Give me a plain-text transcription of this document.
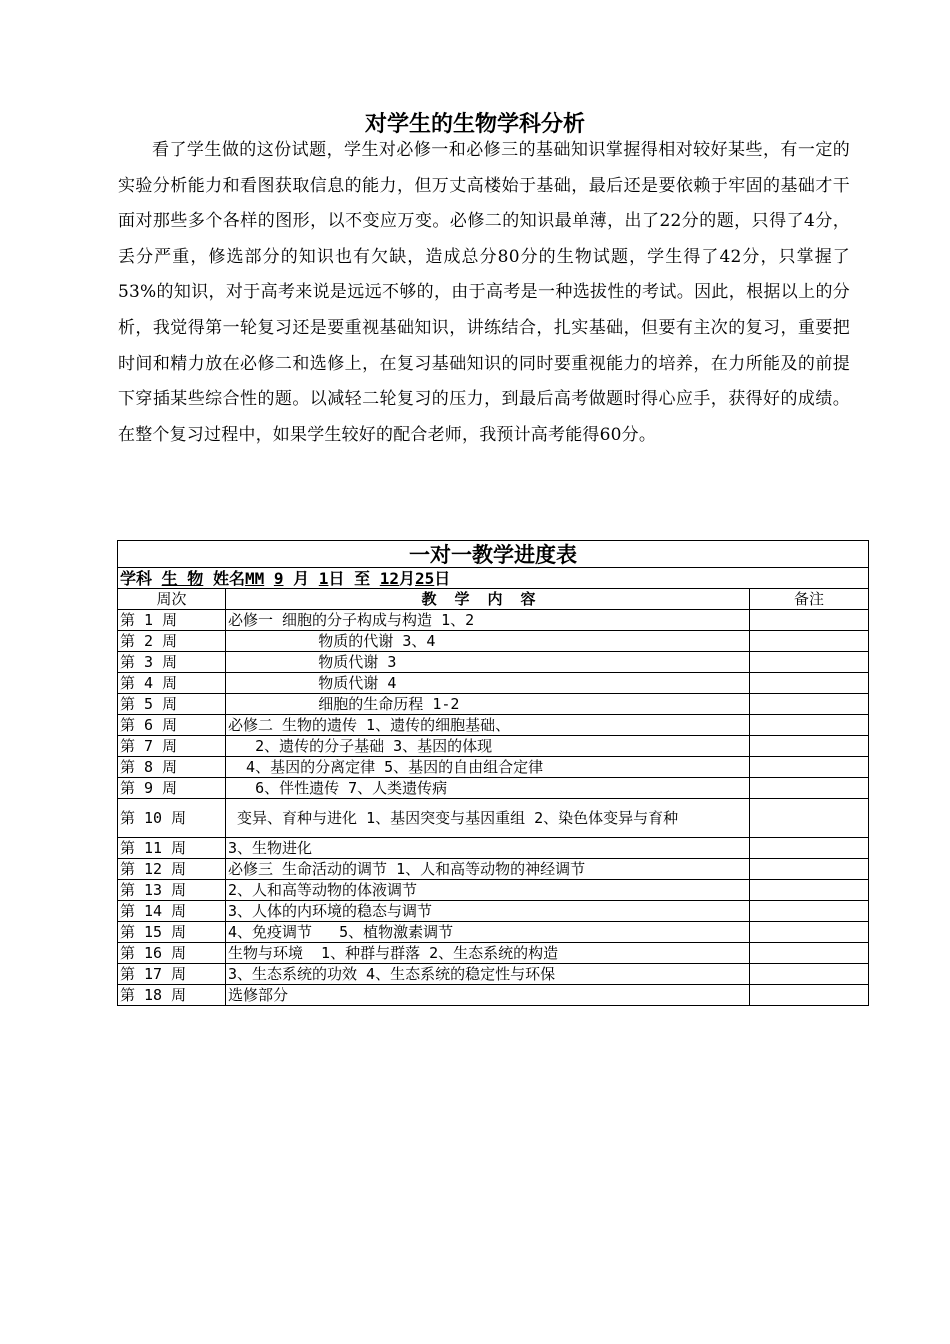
对学生的生物学科分析

看了学生做的这份试题，学生对必修一和必修三的基础知识掌握得相对较好某些，有一定的实验分析能力和看图获取信息的能力，但万丈高楼始于基础，最后还是要依赖于牢固的基础才干面对那些多个各样的图形，以不变应万变。必修二的知识最单薄，出了22分的题，只得了4分，丢分严重，修选部分的知识也有欠缺，造成总分80分的生物试题，学生得了42分，只掌握了53%的知识，对于高考来说是远远不够的，由于高考是一种选拔性的考试。因此，根据以上的分析，我觉得第一轮复习还是要重视基础知识，讲练结合，扎实基础，但要有主次的复习，重要把时间和精力放在必修二和选修上，在复习基础知识的同时要重视能力的培养，在力所能及的前提下穿插某些综合性的题。以减轻二轮复习的压力，到最后高考做题时得心应手，获得好的成绩。在整个复习过程中，如果学生较好的配合老师，我预计高考能得60分。

一对一教学进度表		
学科 生 物 姓名MM 9 月 1日 至 12月25日		
周次	教学内容	备注
第 1 周	必修一 细胞的分子构成与构造 1、2	
第 2 周	物质的代谢 3、4	
第 3 周	物质代谢 3	
第 4 周	物质代谢 4	
第 5 周	细胞的生命历程 1-2	
第 6 周	必修二 生物的遗传 1、遗传的细胞基础、	
第 7 周	2、遗传的分子基础 3、基因的体现	
第 8 周	4、基因的分离定律 5、基因的自由组合定律	
第 9 周	6、伴性遗传 7、人类遗传病	
第 10 周	变异、育种与进化 1、基因突变与基因重组 2、染色体变异与育种	
第 11 周	3、生物进化	
第 12 周	必修三 生命活动的调节 1、人和高等动物的神经调节	
第 13 周	2、人和高等动物的体液调节	
第 14 周	3、人体的内环境的稳态与调节	
第 15 周	4、免疫调节   5、植物激素调节	
第 16 周	生物与环境  1、种群与群落 2、生态系统的构造	
第 17 周	3、生态系统的功效 4、生态系统的稳定性与环保	
第 18 周	选修部分	
